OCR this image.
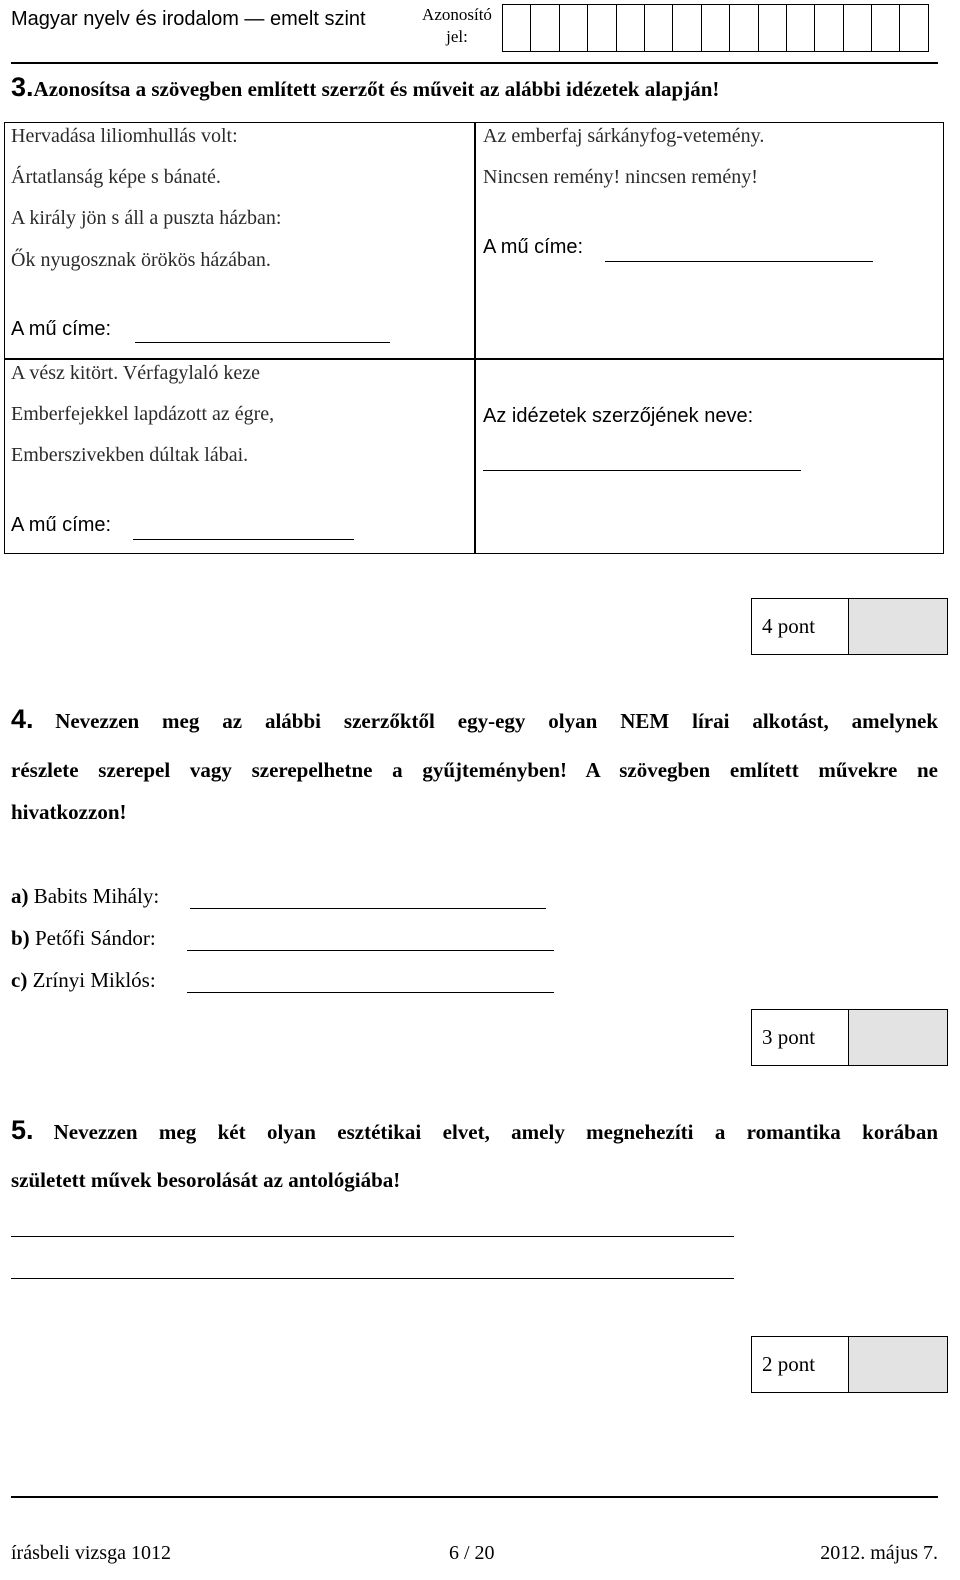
Magyar nyelv és irodalom — emelt szint	Azonosító
jel:
3.Azonosítsa a szövegben említett szerzőt és műveit az alábbi idézetek alapján!
Hervadása liliomhullás volt:
Ártatlanság képe s bánaté.
A király jön s áll a puszta házban:
Ők nyugosznak örökös házában.
A mű címe:
Az emberfaj sárkányfog-vetemény.
Nincsen remény! nincsen remény!
A mű címe:
A vész kitört. Vérfagylaló keze
Emberfejekkel lapdázott az égre,
Emberszivekben dúltak lábai.
A mű címe:
Az idézetek szerzőjének neve:
4 pont
4. Nevezzen meg az alábbi szerzőktől egy-egy olyan NEM lírai alkotást, amelynek
részlete szerepel vagy szerepelhetne a gyűjteményben! A szövegben említett művekre ne
hivatkozzon!
a) Babits Mihály:
b) Petőfi Sándor:
c) Zrínyi Miklós:
3 pont
5. Nevezzen meg két olyan esztétikai elvet, amely megnehezíti a romantika korában
született művek besorolását az antológiába!
2 pont
írásbeli vizsga 1012	6 / 20	2012. május 7.
